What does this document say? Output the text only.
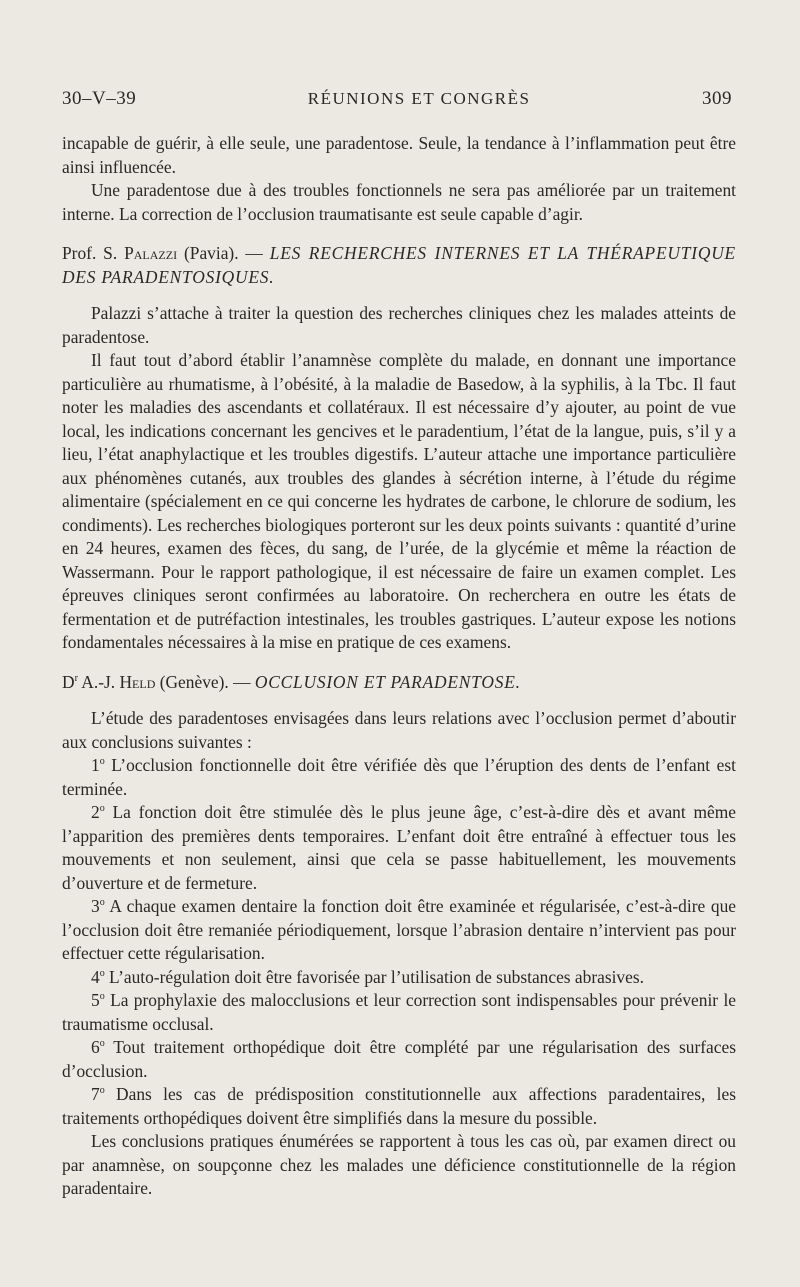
30–V–39	RÉUNIONS ET CONGRÈS	309

incapable de guérir, à elle seule, une paradentose. Seule, la tendance à l’inflammation peut être ainsi influencée.

Une paradentose due à des troubles fonctionnels ne sera pas améliorée par un traitement interne. La correction de l’occlusion traumatisante est seule capable d’agir.

Prof. S. Palazzi (Pavia). — LES RECHERCHES INTERNES ET LA THÉRAPEUTIQUE DES PARADENTOSIQUES.

Palazzi s’attache à traiter la question des recherches cliniques chez les malades atteints de paradentose.

Il faut tout d’abord établir l’anamnèse complète du malade, en donnant une importance particulière au rhumatisme, à l’obésité, à la maladie de Basedow, à la syphilis, à la Tbc. Il faut noter les maladies des ascendants et collatéraux. Il est nécessaire d’y ajouter, au point de vue local, les indications concernant les gencives et le paradentium, l’état de la langue, puis, s’il y a lieu, l’état anaphylactique et les troubles digestifs. L’auteur attache une importance particulière aux phénomènes cutanés, aux troubles des glandes à sécrétion interne, à l’étude du régime alimentaire (spécialement en ce qui concerne les hydrates de carbone, le chlorure de sodium, les condiments). Les recherches biologiques porteront sur les deux points suivants : quantité d’urine en 24 heures, examen des fèces, du sang, de l’urée, de la glycémie et même la réaction de Wassermann. Pour le rapport pathologique, il est nécessaire de faire un examen complet. Les épreuves cliniques seront confirmées au laboratoire. On recherchera en outre les états de fermentation et de putréfaction intestinales, les troubles gastriques. L’auteur expose les notions fondamentales nécessaires à la mise en pratique de ces examens.

$D^r$ A.-J. Held (Genève). — OCCLUSION ET PARADENTOSE.

L’étude des paradentoses envisagées dans leurs relations avec l’occlusion permet d’aboutir aux conclusions suivantes :

1$^o$ L’occlusion fonctionnelle doit être vérifiée dès que l’éruption des dents de l’enfant est terminée.

2$^o$ La fonction doit être stimulée dès le plus jeune âge, c’est-à-dire dès et avant même l’apparition des premières dents temporaires. L’enfant doit être entraîné à effectuer tous les mouvements et non seulement, ainsi que cela se passe habituellement, les mouvements d’ouverture et de fermeture.

3$^o$ A chaque examen dentaire la fonction doit être examinée et régularisée, c’est-à-dire que l’occlusion doit être remaniée périodiquement, lorsque l’abrasion dentaire n’intervient pas pour effectuer cette régularisation.

4$^o$ L’auto-régulation doit être favorisée par l’utilisation de substances abrasives.

5$^o$ La prophylaxie des malocclusions et leur correction sont indispensables pour prévenir le traumatisme occlusal.

6$^o$ Tout traitement orthopédique doit être complété par une régularisation des surfaces d’occlusion.

7$^o$ Dans les cas de prédisposition constitutionnelle aux affections paradentaires, les traitements orthopédiques doivent être simplifiés dans la mesure du possible.

Les conclusions pratiques énumérées se rapportent à tous les cas où, par examen direct ou par anamnèse, on soupçonne chez les malades une déficience constitutionnelle de la région paradentaire.
